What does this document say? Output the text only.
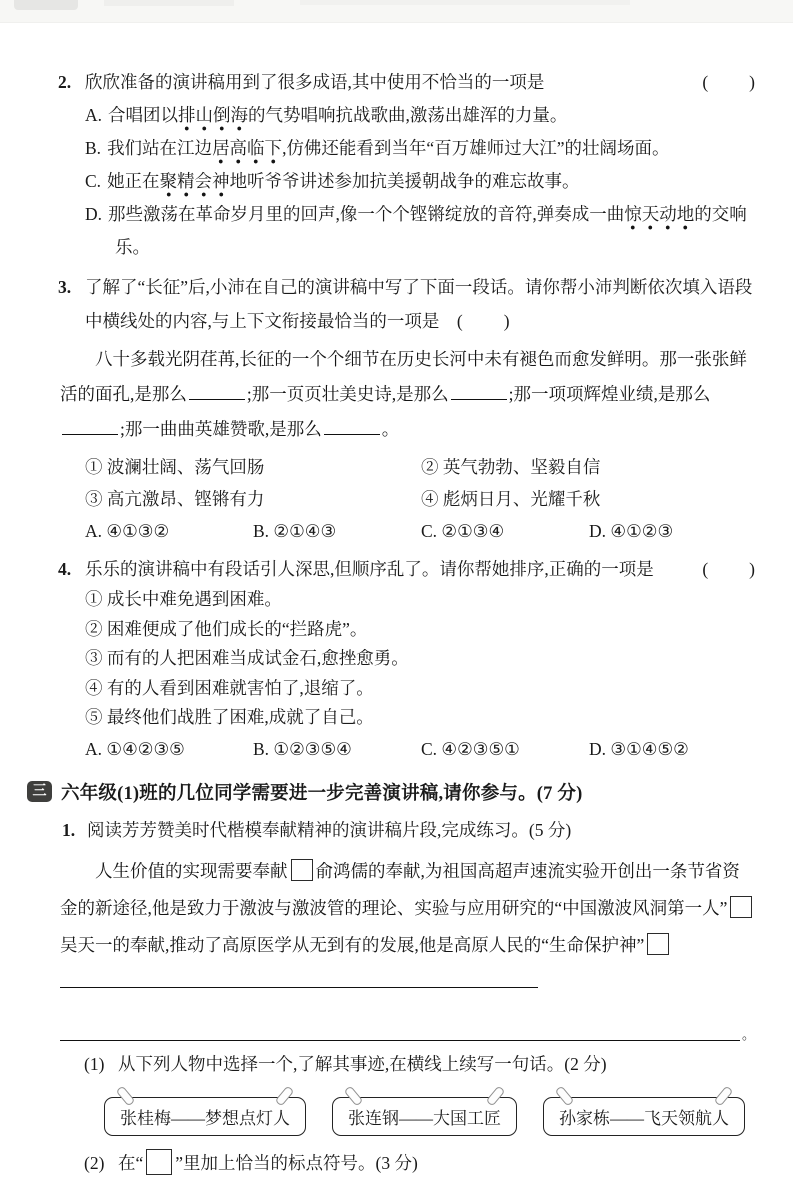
2. 欣欣准备的演讲稿用到了很多成语,其中使用不恰当的一项是	(　　)
A. 合唱团以排山倒海的气势唱响抗战歌曲,激荡出雄浑的力量。
B. 我们站在江边居高临下,仿佛还能看到当年“百万雄师过大江”的壮阔场面。
C. 她正在聚精会神地听爷爷讲述参加抗美援朝战争的难忘故事。
D. 那些激荡在革命岁月里的回声,像一个个铿锵绽放的音符,弹奏成一曲惊天动地的交响乐。
3. 了解了“长征”后,小沛在自己的演讲稿中写了下面一段话。请你帮小沛判断依次填入语段中横线处的内容,与上下文衔接最恰当的一项是　 (　　)
八十多载光阴荏苒,长征的一个个细节在历史长河中未有褪色而愈发鲜明。那一张张鲜活的面孔,是那么	;那一页页壮美史诗,是那么	;那一项项辉煌业绩,是那么;那一曲曲英雄赞歌,是那么	。
① 波澜壮阔、荡气回肠	② 英气勃勃、坚毅自信
③ 高亢激昂、铿锵有力	④ 彪炳日月、光耀千秋
A. ④①③②	B. ②①④③	C. ②①③④	D. ④①②③
4. 乐乐的演讲稿中有段话引人深思,但顺序乱了。请你帮她排序,正确的一项是	(　　)
① 成长中难免遇到困难。
② 困难便成了他们成长的“拦路虎”。
③ 而有的人把困难当成试金石,愈挫愈勇。
④ 有的人看到困难就害怕了,退缩了。
⑤ 最终他们战胜了困难,成就了自己。
A. ①④②③⑤	B. ①②③⑤④	C. ④②③⑤①	D. ③①④⑤②
三 六年级(1)班的几位同学需要进一步完善演讲稿,请你参与。(7 分)
1. 阅读芳芳赞美时代楷模奉献精神的演讲稿片段,完成练习。(5 分)
人生价值的实现需要奉献 俞鸿儒的奉献,为祖国高超声速流实验开创出一条节省资金的新途径,他是致力于激波与激波管的理论、实验与应用研究的“中国激波风洞第一人”吴天一的奉献,推动了高原医学从无到有的发展,他是高原人民的“生命保护神”
。
(1) 从下列人物中选择一个,了解其事迹,在横线上续写一句话。(2 分)
张桂梅——梦想点灯人	张连钢——大国工匠	孙家栋——飞天领航人
(2) 在“ ”里加上恰当的标点符号。(3 分)
